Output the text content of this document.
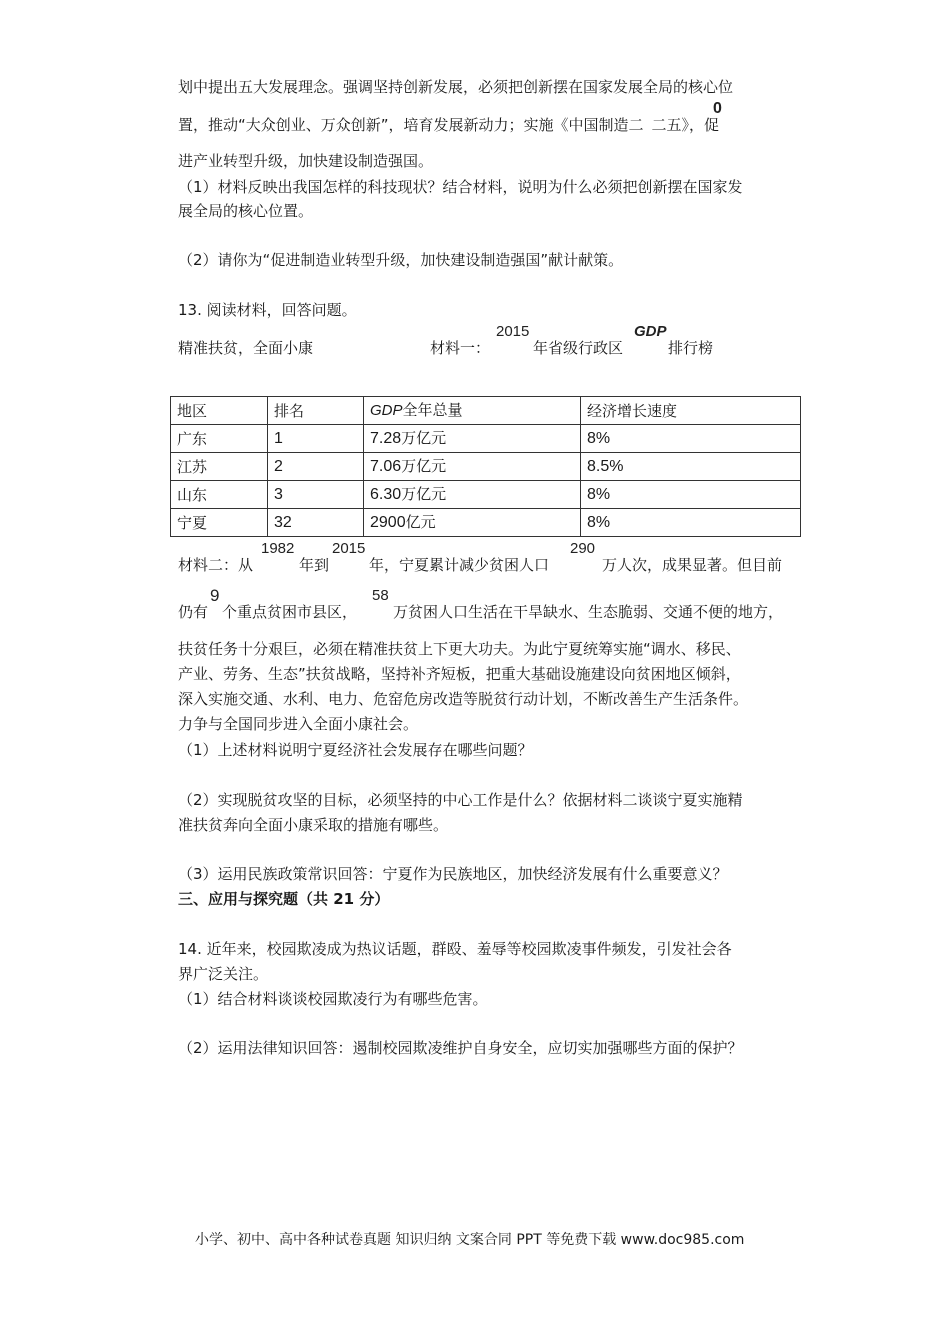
划中提出五大发展理念。强调坚持创新发展，必须把创新摆在国家发展全局的核心位
置，推动“大众创业、万众创新”，培育发展新动力；实施《中国制造二 二五》，促
0
进产业转型升级，加快建设制造强国。
（1）材料反映出我国怎样的科技现状？结合材料，说明为什么必须把创新摆在国家发
展全局的核心位置。
（2）请你为“促进制造业转型升级，加快建设制造强国”献计献策。
13. 阅读材料，回答问题。
精准扶贫，全面小康	材料一：
2015
年省级行政区
GDP
排行榜
地区	排名	GDP全年总量	经济增长速度
广东	1	7.28万亿元	8%
江苏	2	7.06万亿元	8.5%
山东	3	6.30万亿元	8%
宁夏	32	2900亿元	8%
材料二：从
1982
年到
2015
年，宁夏累计减少贫困人口
290
万人次，成果显著。但目前
仍有
9
个重点贫困市县区，
58
万贫困人口生活在干旱缺水、生态脆弱、交通不便的地方，
扶贫任务十分艰巨，必须在精准扶贫上下更大功夫。为此宁夏统筹实施“调水、移民、
产业、劳务、生态”扶贫战略，坚持补齐短板，把重大基础设施建设向贫困地区倾斜，
深入实施交通、水利、电力、危窑危房改造等脱贫行动计划，不断改善生产生活条件。
力争与全国同步进入全面小康社会。
（1）上述材料说明宁夏经济社会发展存在哪些问题？
（2）实现脱贫攻坚的目标，必须坚持的中心工作是什么？依据材料二谈谈宁夏实施精
准扶贫奔向全面小康采取的措施有哪些。
（3）运用民族政策常识回答：宁夏作为民族地区，加快经济发展有什么重要意义？
三、应用与探究题（共 21 分）
14. 近年来，校园欺凌成为热议话题，群殴、羞辱等校园欺凌事件频发，引发社会各
界广泛关注。
（1）结合材料谈谈校园欺凌行为有哪些危害。
（2）运用法律知识回答：遏制校园欺凌维护自身安全，应切实加强哪些方面的保护？
小学、初中、高中各种试卷真题 知识归纳 文案合同 PPT 等免费下载 www.doc985.com
